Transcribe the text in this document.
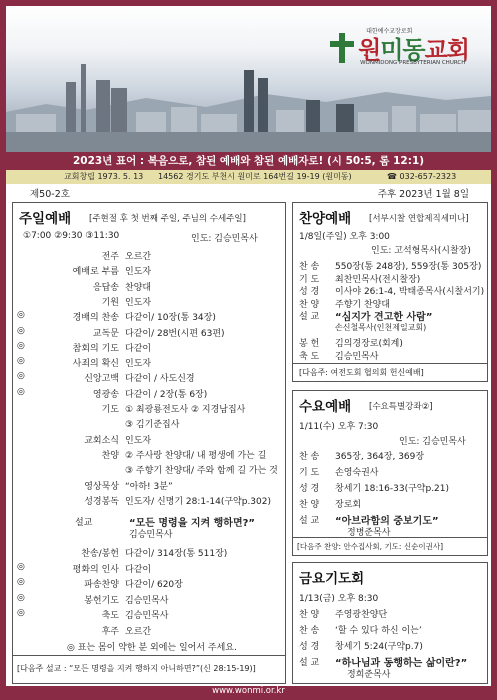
원미동교회
대한예수교장로회
WONMIDONG PRESBYTERIAN CHURCH
2023년 표어 : 복음으로, 참된 예배와 참된 예배자로! (시 50:5, 롬 12:1)
교회창립 1973. 5. 13 14562 경기도 부천시 원미로 164번길 19-19 (원미동)	☎ 032-657-2323
제50-2호	주후 2023년 1월 8일
주일예배 [주현절 후 첫 번째 주일, 주님의 수세주일]
①7:00 ②9:30 ③11:30	인도: 김승민목사
전주 오르간
예배로 부름 인도자
응답송 찬양대
기원 인도자
◎	경배의 찬송 다같이/ 10장(통 34장)
◎	교독문 다같이/ 28번(시편 63편)
◎	참회의 기도 다같이
◎	사죄의 확신 인도자
◎	신앙고백 다같이 / 사도신경
◎	영광송 다같이 / 2장(통 6장)
기도 ① 최광룡전도사 ② 지경남집사
③ 김기준집사
교회소식 인도자
찬양 ② 주사랑 찬양대/ 내 평생에 가는 길
③ 주향기 찬양대/ 주와 함께 길 가는 것
영상묵상 “아하! 3분”
성경봉독 인도자/ 신명기 28:1-14(구약p.302)
설교	“모든 명령을 지켜 행하면?”
김승민목사
찬송/봉헌 다같이/ 314장(통 511장)
◎	평화의 인사 다같이
◎	파송찬양 다같이/ 620장
◎	봉헌기도 김승민목사
◎	축도 김승민목사
후주 오르간
◎ 표는 몸이 약한 분 외에는 일어서 주세요.
[다음주 설교 : “모든 명령을 지켜 행하지 아니하면?”(신 28:15-19)]
찬양예배 [서부시찰 연합제직세미나]
1/8일(주일) 오후 3:00
인도: 고석형목사(시찰장)
찬 송 550장(통 248장), 559장(통 305장)
기 도 최찬민목사(전시찰장)
성 경 이사야 26:1-4, 박태종목사(시찰서기)
찬 양 주향기 찬양대
설 교 “심지가 견고한 사람”
손신철목사(인천제일교회)
봉 헌 김의경장로(회계)
축 도 김승민목사
[다음주: 여전도회 협의회 헌신예배]
수요예배 [수요특별강좌②]
1/11(수) 오후 7:30
인도: 김승민목사
찬 송 365장, 364장, 369장
기 도 손영숙권사
성 경 창세기 18:16-33(구약p.21)
찬 양 장로회
설 교 “아브라함의 중보기도”
정병준목사
[다음주 찬양: 안수집사회, 기도: 신순이권사]
금요기도회
1/13(금) 오후 8:30
찬 양 주영광찬양단
찬 송 ‘할 수 있다 하신 이는’
성 경 창세기 5:24(구약p.7)
설 교 “하나님과 동행하는 삶이란?”
정희준목사
www.wonmi.or.kr
